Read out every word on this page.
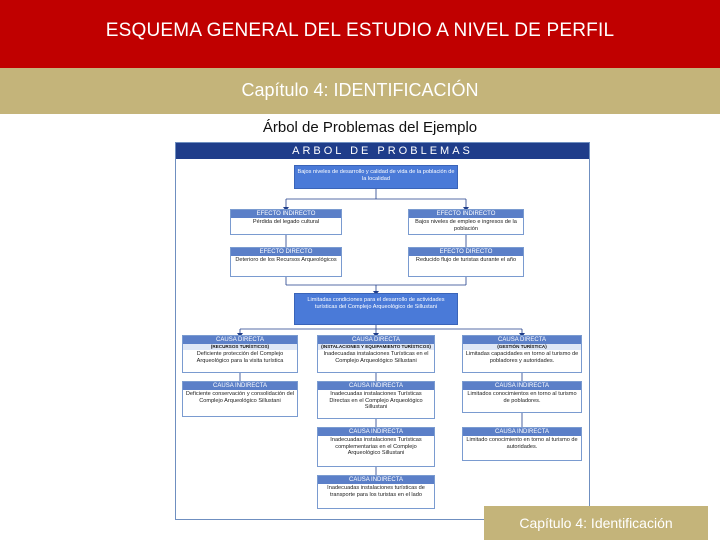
ESQUEMA GENERAL DEL ESTUDIO A NIVEL DE PERFIL
Capítulo 4: IDENTIFICACIÓN
Árbol de Problemas del Ejemplo
ARBOL DE PROBLEMAS
Bajos niveles de desarrollo y calidad de vida de la población de la localidad
EFECTO INDIRECTO
Pérdida del legado cultural
EFECTO INDIRECTO
Bajos niveles de empleo e ingresos de la población
EFECTO DIRECTO
Deterioro de los Recursos Arqueológicos
EFECTO DIRECTO
Reducido flujo de turistas durante el año
Limitadas condiciones para el desarrollo de actividades turísticas del Complejo Arqueológico de Sillustani
CAUSA DIRECTA
(RECURSOS TURÍSTICOS)
Deficiente protección del Complejo Arqueológico para la visita turística
CAUSA DIRECTA
(INSTALACIONES Y EQUIPAMIENTO TURÍSTICOS)
Inadecuadas instalaciones Turísticas en el Complejo Arqueológico Sillustani
CAUSA DIRECTA
(GESTIÓN TURÍSTICA)
Limitadas capacidades en torno al turismo de pobladores y autoridades.
CAUSA INDIRECTA
Deficiente conservación y consolidación del Complejo Arqueológico Sillustani
CAUSA INDIRECTA
Inadecuadas instalaciones Turísticas Directas en el Complejo Arqueológico Sillustani
CAUSA INDIRECTA
Inadecuadas instalaciones Turísticas complementarias en el Complejo Arqueológico Sillustani
CAUSA INDIRECTA
Inadecuadas instalaciones turísticas de transporte para los turistas en el lado
CAUSA INDIRECTA
Limitados conocimientos en torno al turismo de pobladores.
CAUSA INDIRECTA
Limitado conocimiento en torno al turismo de autoridades.
Capítulo 4: Identificación
